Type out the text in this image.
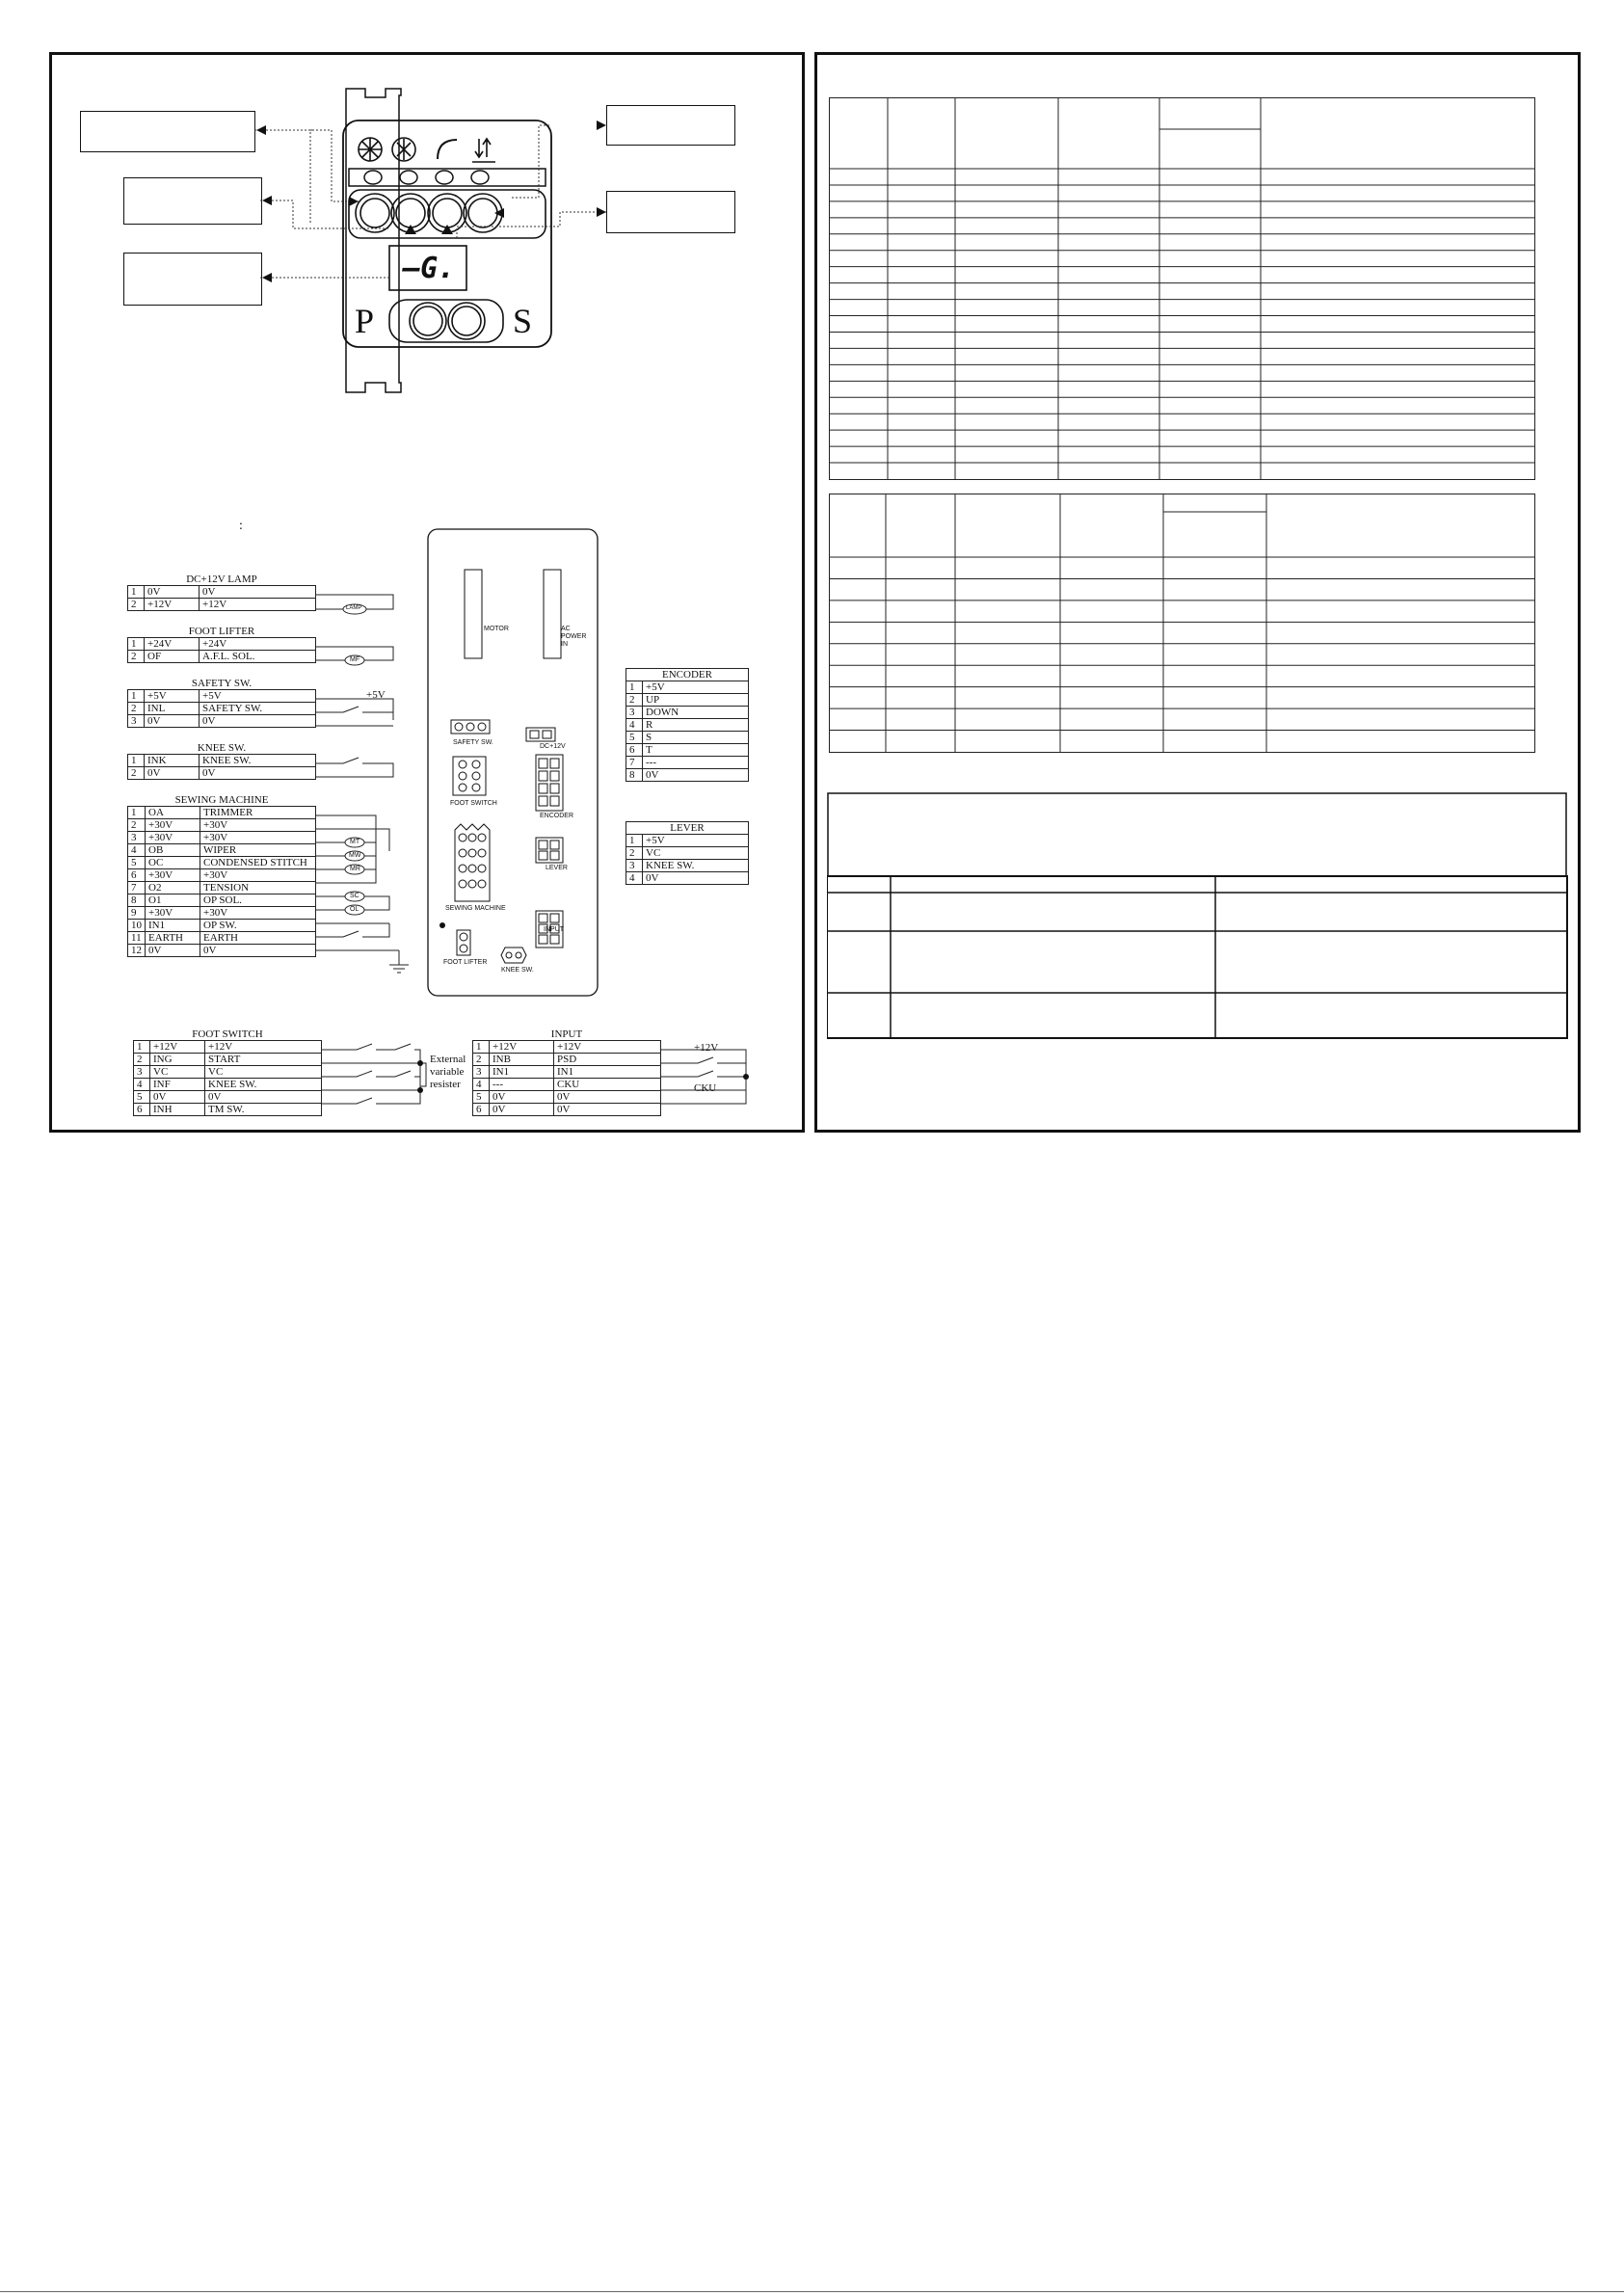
–G.
P	S
:
DC+12V LAMP		
1	0V	0V
2	+12V	+12V
FOOT LIFTER		
1	+24V	+24V
2	OF	A.F.L. SOL.
SAFETY SW.		
1	+5V	+5V
2	INL	SAFETY SW.
3	0V	0V
KNEE SW.		
1	INK	KNEE SW.
2	0V	0V
SEWING MACHINE		
1	OA	TRIMMER
2	+30V	+30V
3	+30V	+30V
4	OB	WIPER
5	OC	CONDENSED STITCH
6	+30V	+30V
7	O2	TENSION
8	O1	OP SOL.
9	+30V	+30V
10	IN1	OP SW.
11	EARTH	EARTH
12	0V	0V
FOOT SWITCH		
1	+12V	+12V
2	ING	START
3	VC	VC
4	INF	KNEE SW.
5	0V	0V
6	INH	TM SW.
INPUT		
1	+12V	+12V
2	INB	PSD
3	IN1	IN1
4	---	CKU
5	0V	0V
6	0V	0V
ENCODER	
1	+5V
2	UP
3	DOWN
4	R
5	S
6	T
7	---
8	0V
LEVER	
1	+5V
2	VC
3	KNEE SW.
4	0V
LAMP
MF
MT
MW
MR
SC
OL
+5V
External
variable
resister
+12V
CKU
MOTOR	AC POWER IN
SAFETY SW.
DC+12V
FOOT SWITCH
ENCODER
LEVER
SEWING MACHINE
INPUT
FOOT LIFTER
KNEE SW.
